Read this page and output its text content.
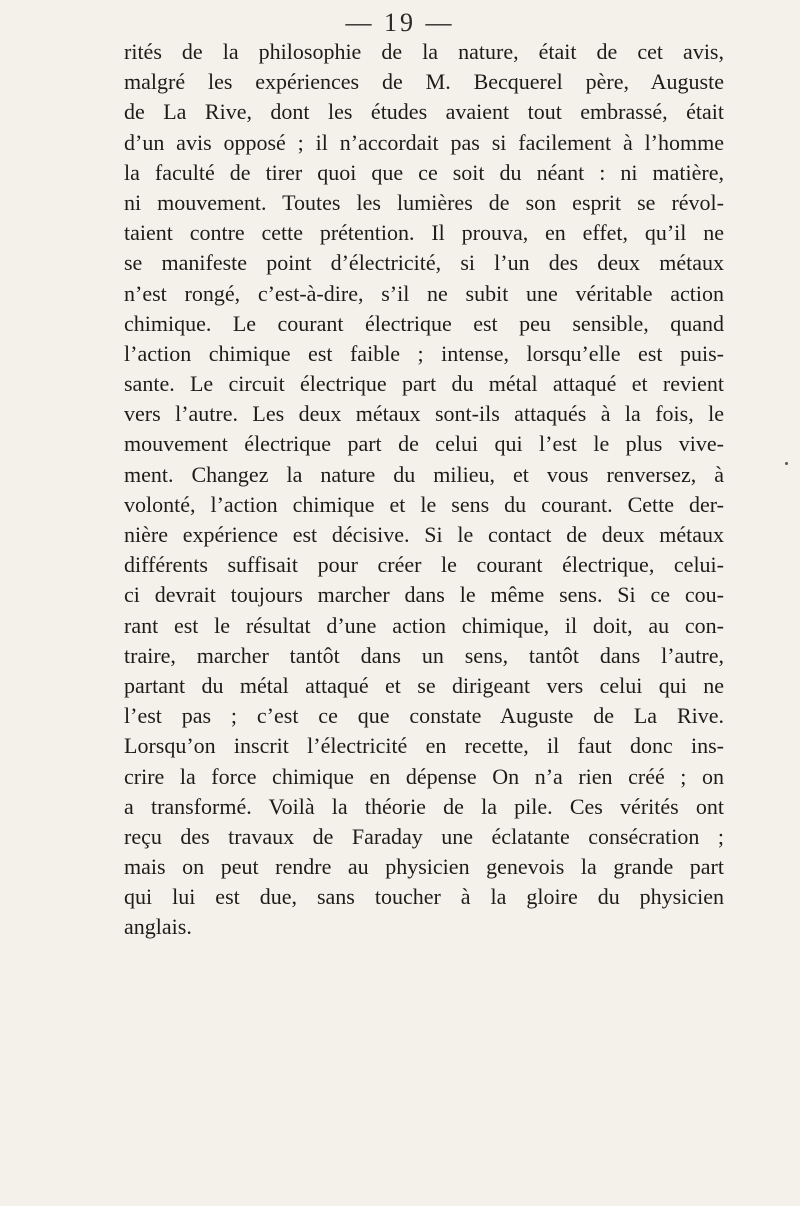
— 19 —
rités de la philosophie de la nature, était de cet avis,
malgré les expériences de M. Becquerel père, Auguste
de La Rive, dont les études avaient tout embrassé, était
d’un avis opposé ; il n’accordait pas si facilement à l’homme
la faculté de tirer quoi que ce soit du néant : ni matière,
ni mouvement. Toutes les lumières de son esprit se révol-
taient contre cette prétention. Il prouva, en effet, qu’il ne
se manifeste point d’électricité, si l’un des deux métaux
n’est rongé, c’est-à-dire, s’il ne subit une véritable action
chimique. Le courant électrique est peu sensible, quand
l’action chimique est faible ; intense, lorsqu’elle est puis-
sante. Le circuit électrique part du métal attaqué et revient
vers l’autre. Les deux métaux sont-ils attaqués à la fois, le
mouvement électrique part de celui qui l’est le plus vive-
ment. Changez la nature du milieu, et vous renversez, à
volonté, l’action chimique et le sens du courant. Cette der-
nière expérience est décisive. Si le contact de deux métaux
différents suffisait pour créer le courant électrique, celui-
ci devrait toujours marcher dans le même sens. Si ce cou-
rant est le résultat d’une action chimique, il doit, au con-
traire, marcher tantôt dans un sens, tantôt dans l’autre,
partant du métal attaqué et se dirigeant vers celui qui ne
l’est pas ; c’est ce que constate Auguste de La Rive.
Lorsqu’on inscrit l’électricité en recette, il faut donc ins-
crire la force chimique en dépense On n’a rien créé ; on
a transformé. Voilà la théorie de la pile. Ces vérités ont
reçu des travaux de Faraday une éclatante consécration ;
mais on peut rendre au physicien genevois la grande part
qui lui est due, sans toucher à la gloire du physicien
anglais.
